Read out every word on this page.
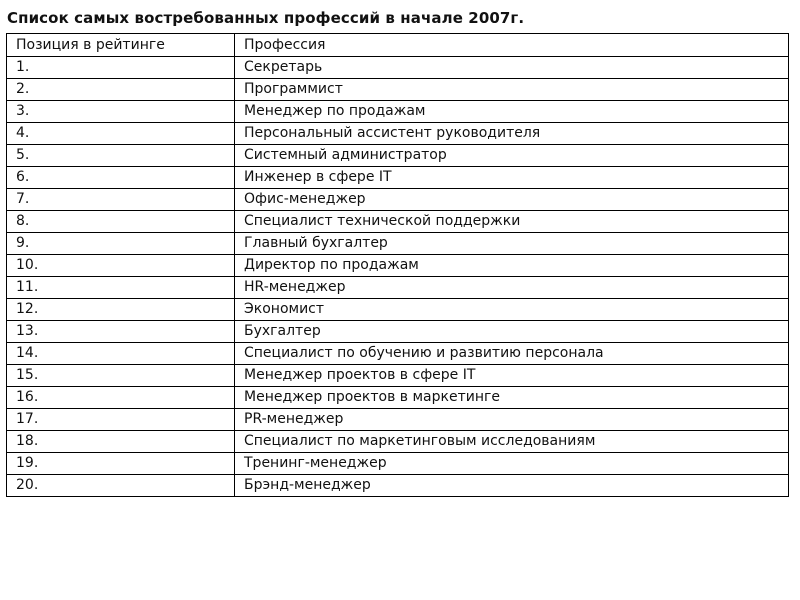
Список самых востребованных профессий в начале 2007г.
Позиция в рейтинге	Профессия
1.	Секретарь
2.	Программист
3.	Менеджер по продажам
4.	Персональный ассистент руководителя
5.	Системный администратор
6.	Инженер в сфере IT
7.	Офис-менеджер
8.	Специалист технической поддержки
9.	Главный бухгалтер
10.	Директор по продажам
11.	HR-менеджер
12.	Экономист
13.	Бухгалтер
14.	Специалист по обучению и развитию персонала
15.	Менеджер проектов в сфере IT
16.	Менеджер проектов в маркетинге
17.	PR-менеджер
18.	Специалист по маркетинговым исследованиям
19.	Тренинг-менеджер
20.	Брэнд-менеджер
